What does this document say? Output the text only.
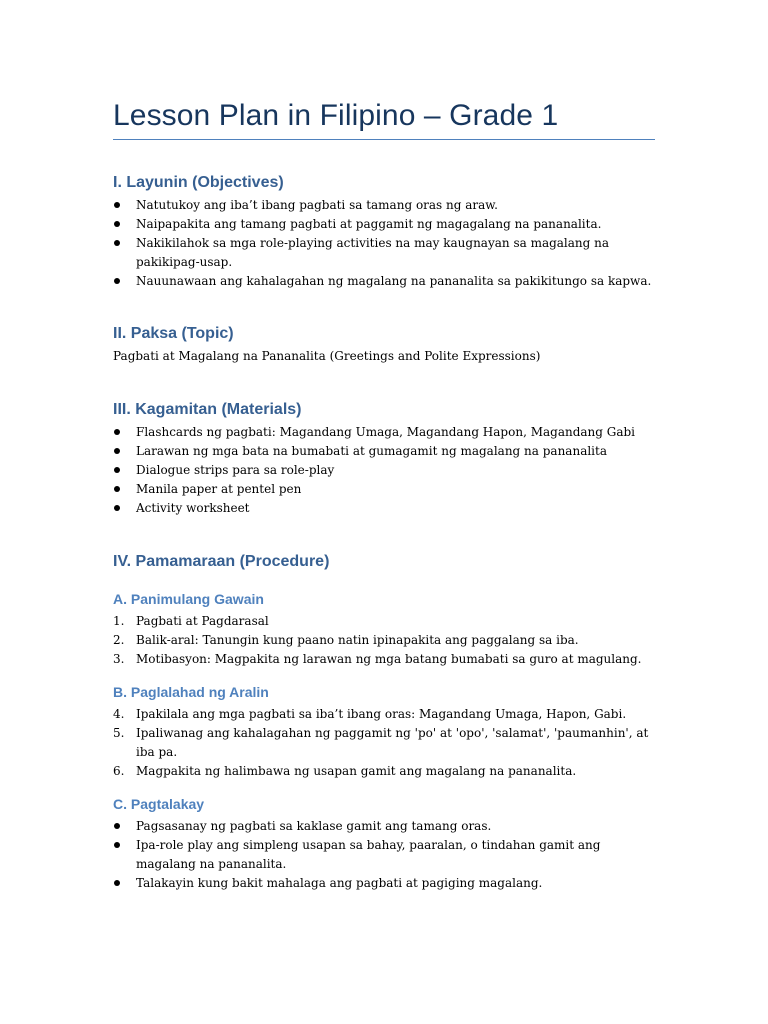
Lesson Plan in Filipino – Grade 1
I. Layunin (Objectives)
Natutukoy ang iba’t ibang pagbati sa tamang oras ng araw.
Naipapakita ang tamang pagbati at paggamit ng magagalang na pananalita.
Nakikilahok sa mga role-playing activities na may kaugnayan sa magalang na pakikipag-usap.
Nauunawaan ang kahalagahan ng magalang na pananalita sa pakikitungo sa kapwa.
II. Paksa (Topic)

Pagbati at Magalang na Pananalita (Greetings and Polite Expressions)

III. Kagamitan (Materials)
Flashcards ng pagbati: Magandang Umaga, Magandang Hapon, Magandang Gabi
Larawan ng mga bata na bumabati at gumagamit ng magalang na pananalita
Dialogue strips para sa role-play
Manila paper at pentel pen
Activity worksheet
IV. Pamamaraan (Procedure)
A. Panimulang Gawain
1. Pagbati at Pagdarasal
2. Balik-aral: Tanungin kung paano natin ipinapakita ang paggalang sa iba.
3. Motibasyon: Magpakita ng larawan ng mga batang bumabati sa guro at magulang.
B. Paglalahad ng Aralin
4. Ipakilala ang mga pagbati sa iba’t ibang oras: Magandang Umaga, Hapon, Gabi.
5. Ipaliwanag ang kahalagahan ng paggamit ng 'po' at 'opo', 'salamat', 'paumanhin', at iba pa.
6. Magpakita ng halimbawa ng usapan gamit ang magalang na pananalita.
C. Pagtalakay
Pagsasanay ng pagbati sa kaklase gamit ang tamang oras.
Ipa-role play ang simpleng usapan sa bahay, paaralan, o tindahan gamit ang magalang na pananalita.
Talakayin kung bakit mahalaga ang pagbati at pagiging magalang.
